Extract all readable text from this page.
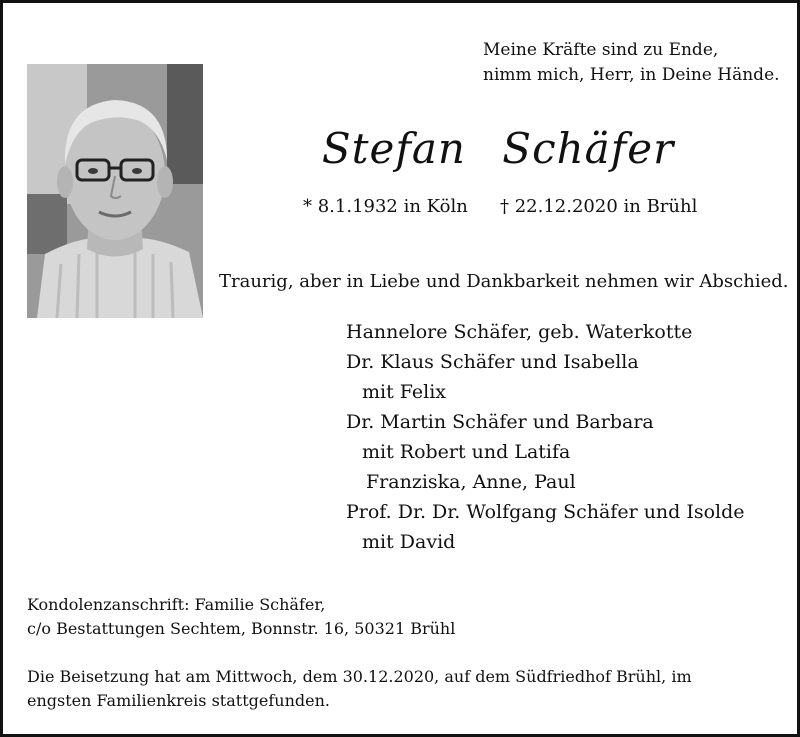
Meine Kräfte sind zu Ende,
nimm mich, Herr, in Deine Hände.
Stefan Schäfer
* 8.1.1932 in Köln † 22.12.2020 in Brühl

Traurig, aber in Liebe und Dankbarkeit nehmen wir Abschied.

Hannelore Schäfer, geb. Waterkotte
Dr. Klaus Schäfer und Isabella
mit Felix
Dr. Martin Schäfer und Barbara
mit Robert und Latifa
Franziska, Anne, Paul
Prof. Dr. Dr. Wolfgang Schäfer und Isolde
mit David
Kondolenzanschrift: Familie Schäfer,
c/o Bestattungen Sechtem, Bonnstr. 16, 50321 Brühl
Die Beisetzung hat am Mittwoch, dem 30.12.2020, auf dem Südfriedhof Brühl, im
engsten Familienkreis stattgefunden.
